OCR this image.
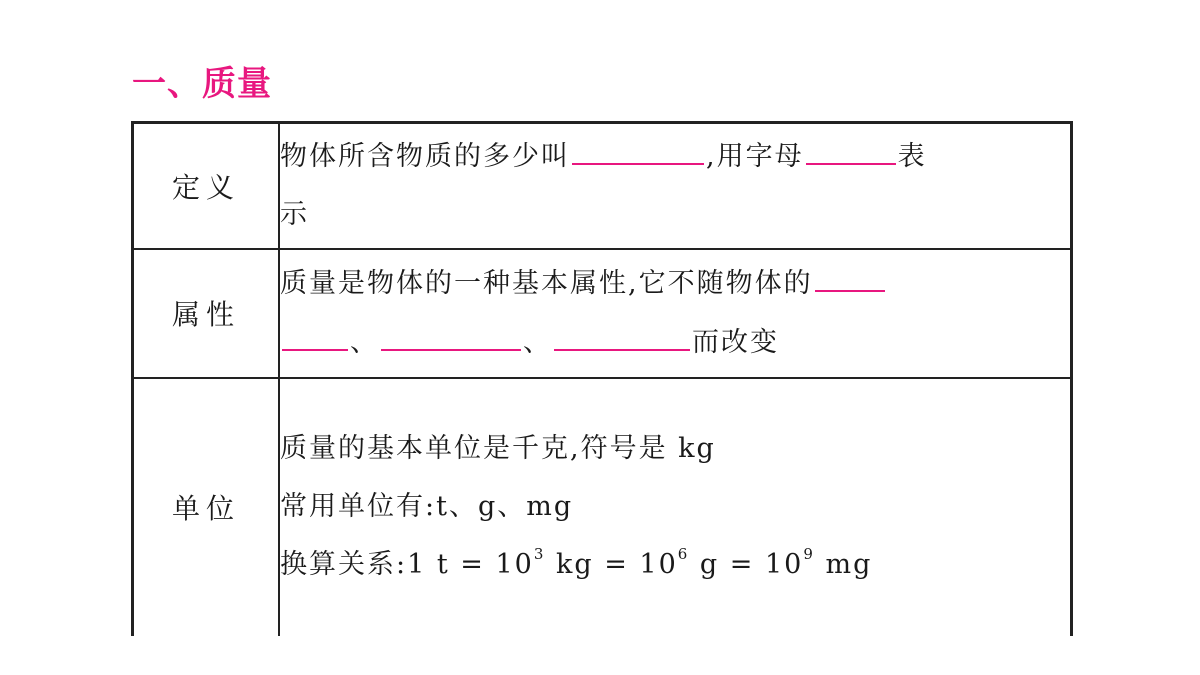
一、质量
定义	物体所含物质的多少叫 ,用字母 表
示
属性	质量是物体的一种基本属性,它不随物体的
、 、 而改变
单位	质量的基本单位是千克,符号是 kg
常用单位有:t、g、mg
换算关系:1 $t = 10^3$ kg = $10^6$ $g = 10^9$ mg
